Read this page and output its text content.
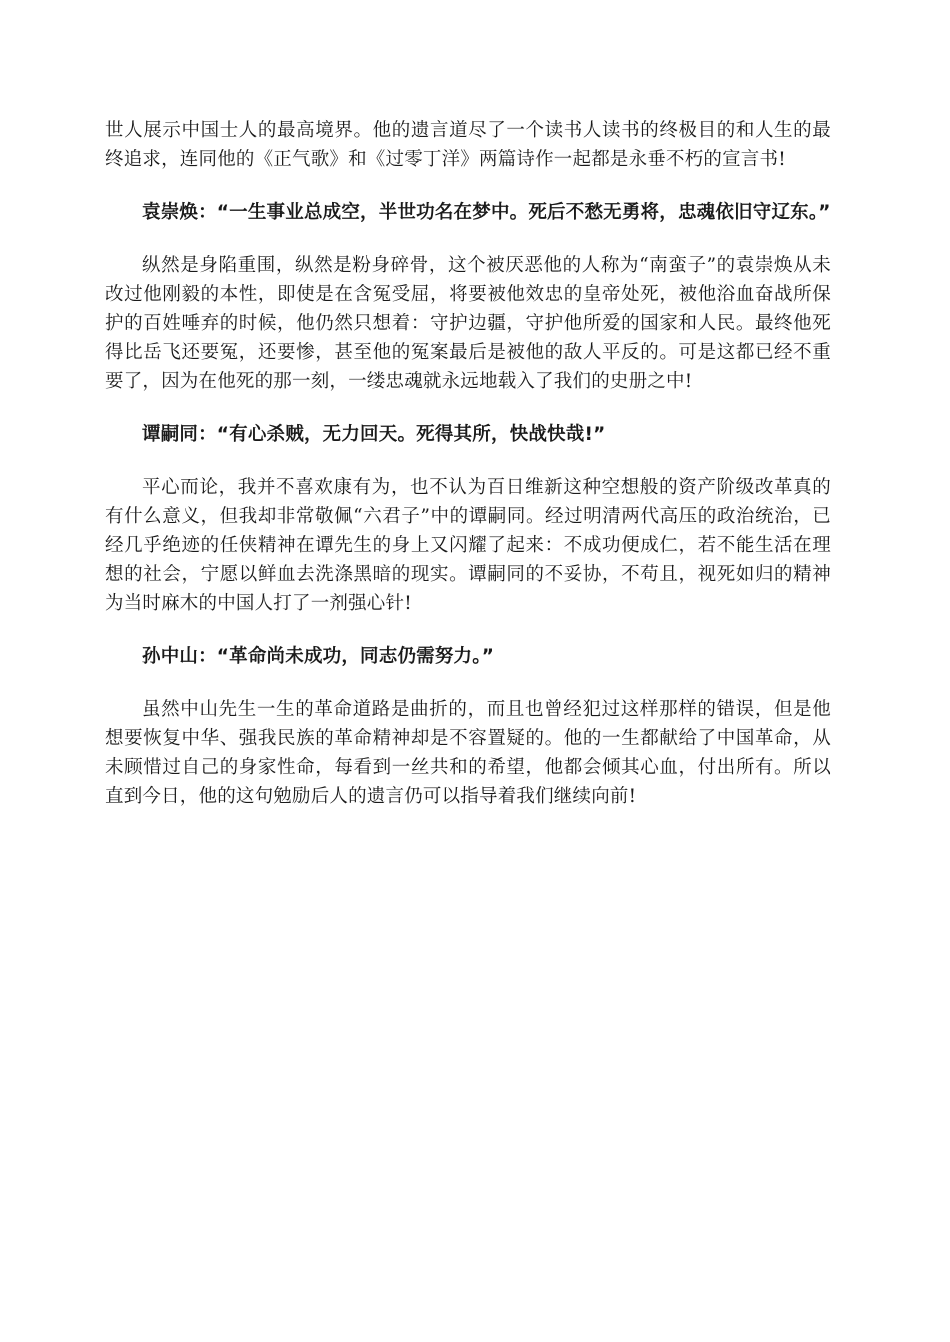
世人展示中国士人的最高境界。他的遗言道尽了一个读书人读书的终极目的和人生的最终追求，连同他的《正气歌》和《过零丁洋》两篇诗作一起都是永垂不朽的宣言书!

袁崇焕：“一生事业总成空，半世功名在梦中。死后不愁无勇将，忠魂依旧守辽东。”

纵然是身陷重围，纵然是粉身碎骨，这个被厌恶他的人称为“南蛮子”的袁崇焕从未改过他刚毅的本性，即使是在含冤受屈，将要被他效忠的皇帝处死，被他浴血奋战所保护的百姓唾弃的时候，他仍然只想着：守护边疆，守护他所爱的国家和人民。最终他死得比岳飞还要冤，还要惨，甚至他的冤案最后是被他的敌人平反的。可是这都已经不重要了，因为在他死的那一刻，一缕忠魂就永远地载入了我们的史册之中!

谭嗣同：“有心杀贼，无力回天。死得其所，快战快哉!”

平心而论，我并不喜欢康有为，也不认为百日维新这种空想般的资产阶级改革真的有什么意义，但我却非常敬佩“六君子”中的谭嗣同。经过明清两代高压的政治统治，已经几乎绝迹的任侠精神在谭先生的身上又闪耀了起来：不成功便成仁，若不能生活在理想的社会，宁愿以鲜血去洗涤黑暗的现实。谭嗣同的不妥协，不苟且，视死如归的精神为当时麻木的中国人打了一剂强心针!

孙中山：“革命尚未成功，同志仍需努力。”

虽然中山先生一生的革命道路是曲折的，而且也曾经犯过这样那样的错误，但是他想要恢复中华、强我民族的革命精神却是不容置疑的。他的一生都献给了中国革命，从未顾惜过自己的身家性命，每看到一丝共和的希望，他都会倾其心血，付出所有。所以直到今日，他的这句勉励后人的遗言仍可以指导着我们继续向前!
